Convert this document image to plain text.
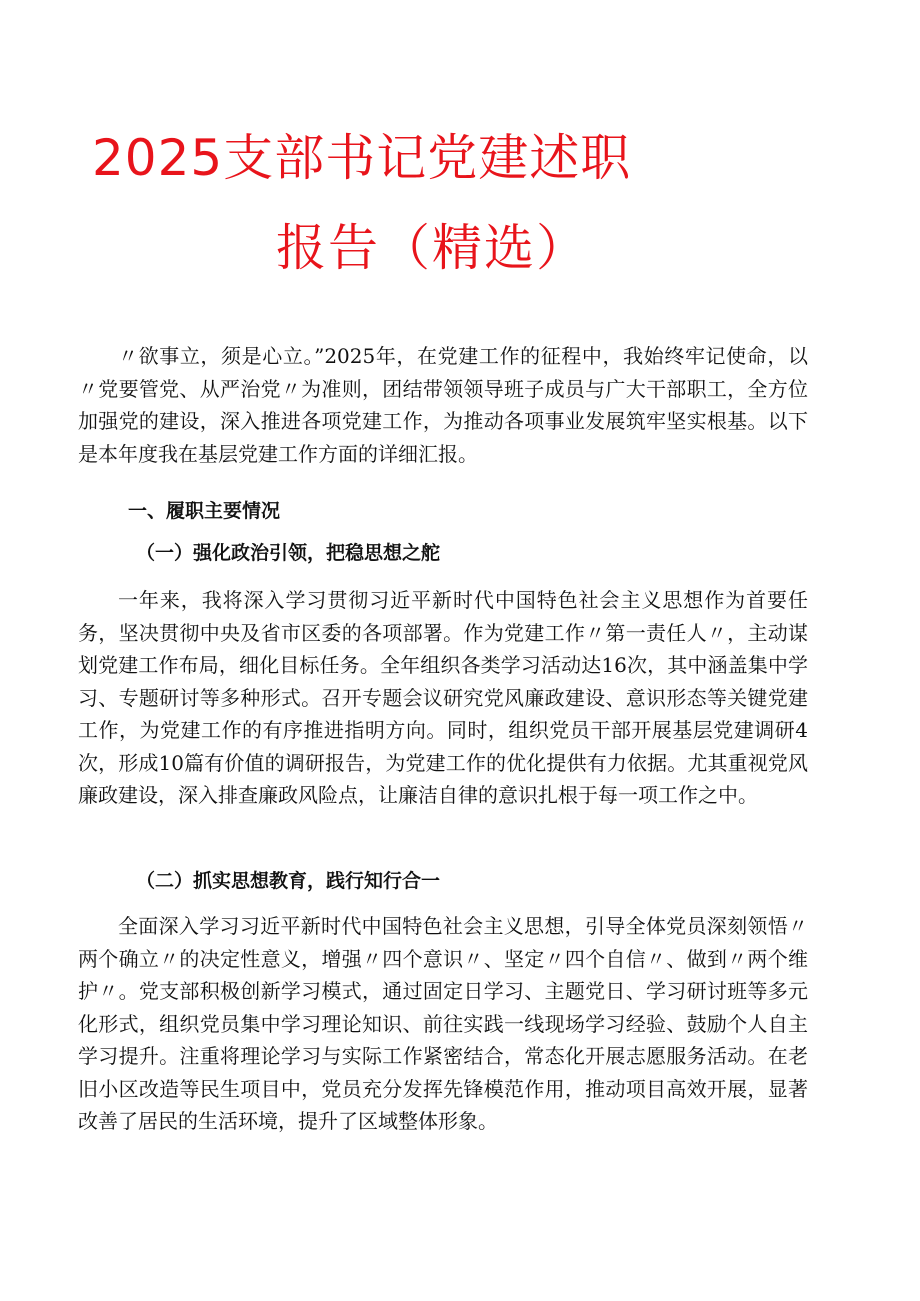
2025支部书记党建述职
报告（精选）

〃欲事立，须是心立。”2025年，在党建工作的征程中，我始终牢记使命，以〃党要管党、从严治党〃为准则，团结带领领导班子成员与广大干部职工，全方位加强党的建设，深入推进各项党建工作，为推动各项事业发展筑牢坚实根基。以下是本年度我在基层党建工作方面的详细汇报。

一、履职主要情况

（一）强化政治引领，把稳思想之舵

一年来，我将深入学习贯彻习近平新时代中国特色社会主义思想作为首要任务，坚决贯彻中央及省市区委的各项部署。作为党建工作〃第一责任人〃，主动谋划党建工作布局，细化目标任务。全年组织各类学习活动达16次，其中涵盖集中学习、专题研讨等多种形式。召开专题会议研究党风廉政建设、意识形态等关键党建工作，为党建工作的有序推进指明方向。同时，组织党员干部开展基层党建调研4次，形成10篇有价值的调研报告，为党建工作的优化提供有力依据。尤其重视党风廉政建设，深入排查廉政风险点，让廉洁自律的意识扎根于每一项工作之中。

（二）抓实思想教育，践行知行合一

全面深入学习习近平新时代中国特色社会主义思想，引导全体党员深刻领悟〃两个确立〃的决定性意义，增强〃四个意识〃、坚定〃四个自信〃、做到〃两个维护〃。党支部积极创新学习模式，通过固定日学习、主题党日、学习研讨班等多元化形式，组织党员集中学习理论知识、前往实践一线现场学习经验、鼓励个人自主学习提升。注重将理论学习与实际工作紧密结合，常态化开展志愿服务活动。在老旧小区改造等民生项目中，党员充分发挥先锋模范作用，推动项目高效开展，显著改善了居民的生活环境，提升了区域整体形象。
